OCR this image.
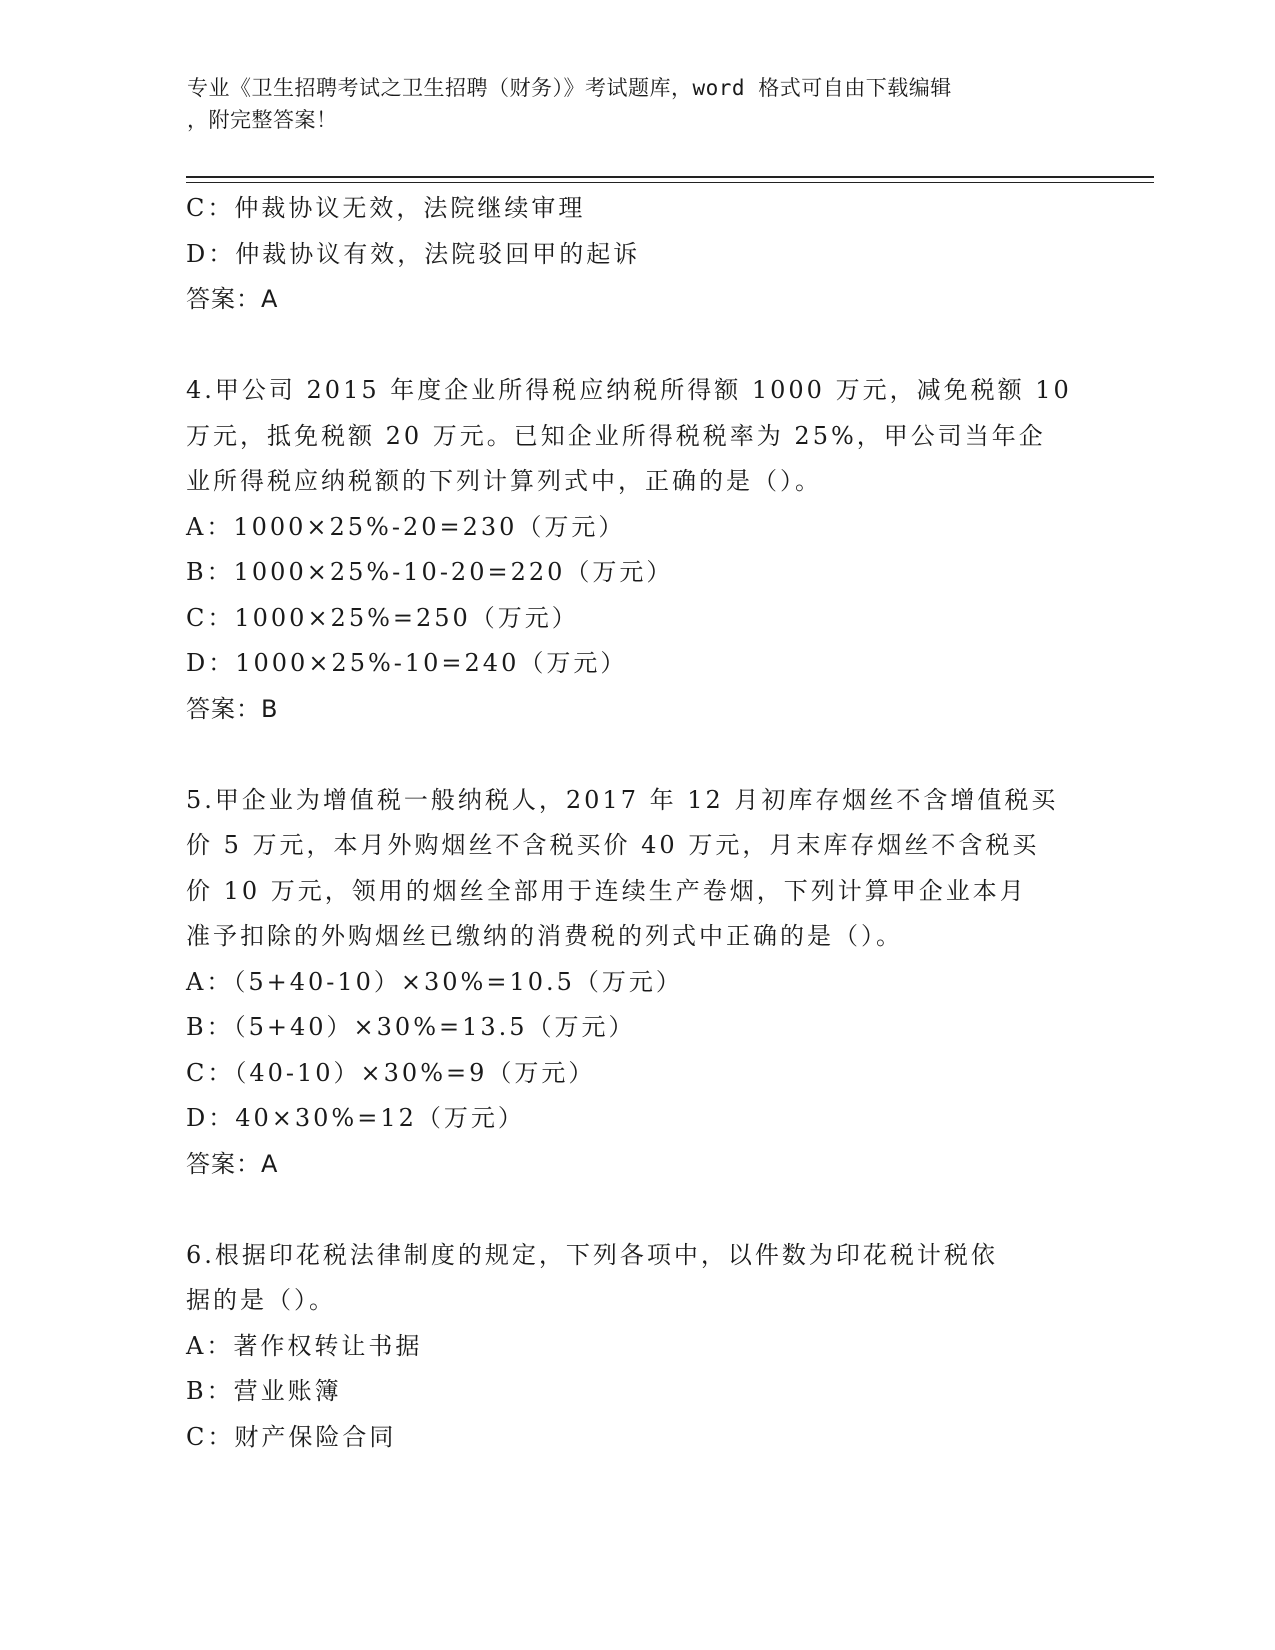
专业《卫生招聘考试之卫生招聘（财务）》考试题库，word 格式可自由下载编辑
，附完整答案！
C：仲裁协议无效，法院继续审理
D：仲裁协议有效，法院驳回甲的起诉
答案：A
4.甲公司 2015 年度企业所得税应纳税所得额 1000 万元，减免税额 10
万元，抵免税额 20 万元。已知企业所得税税率为 25%，甲公司当年企
业所得税应纳税额的下列计算列式中，正确的是（）。
A：1000×25%-20=230（万元）
B：1000×25%-10-20=220（万元）
C：1000×25%=250（万元）
D：1000×25%-10=240（万元）
答案：B
5.甲企业为增值税一般纳税人，2017 年 12 月初库存烟丝不含增值税买
价 5 万元，本月外购烟丝不含税买价 40 万元，月末库存烟丝不含税买
价 10 万元，领用的烟丝全部用于连续生产卷烟，下列计算甲企业本月
准予扣除的外购烟丝已缴纳的消费税的列式中正确的是（）。
A：（5+40-10）×30%=10.5（万元）
B：（5+40）×30%=13.5（万元）
C：（40-10）×30%=9（万元）
D：40×30%=12（万元）
答案：A
6.根据印花税法律制度的规定，下列各项中，以件数为印花税计税依
据的是（）。
A：著作权转让书据
B：营业账簿
C：财产保险合同
